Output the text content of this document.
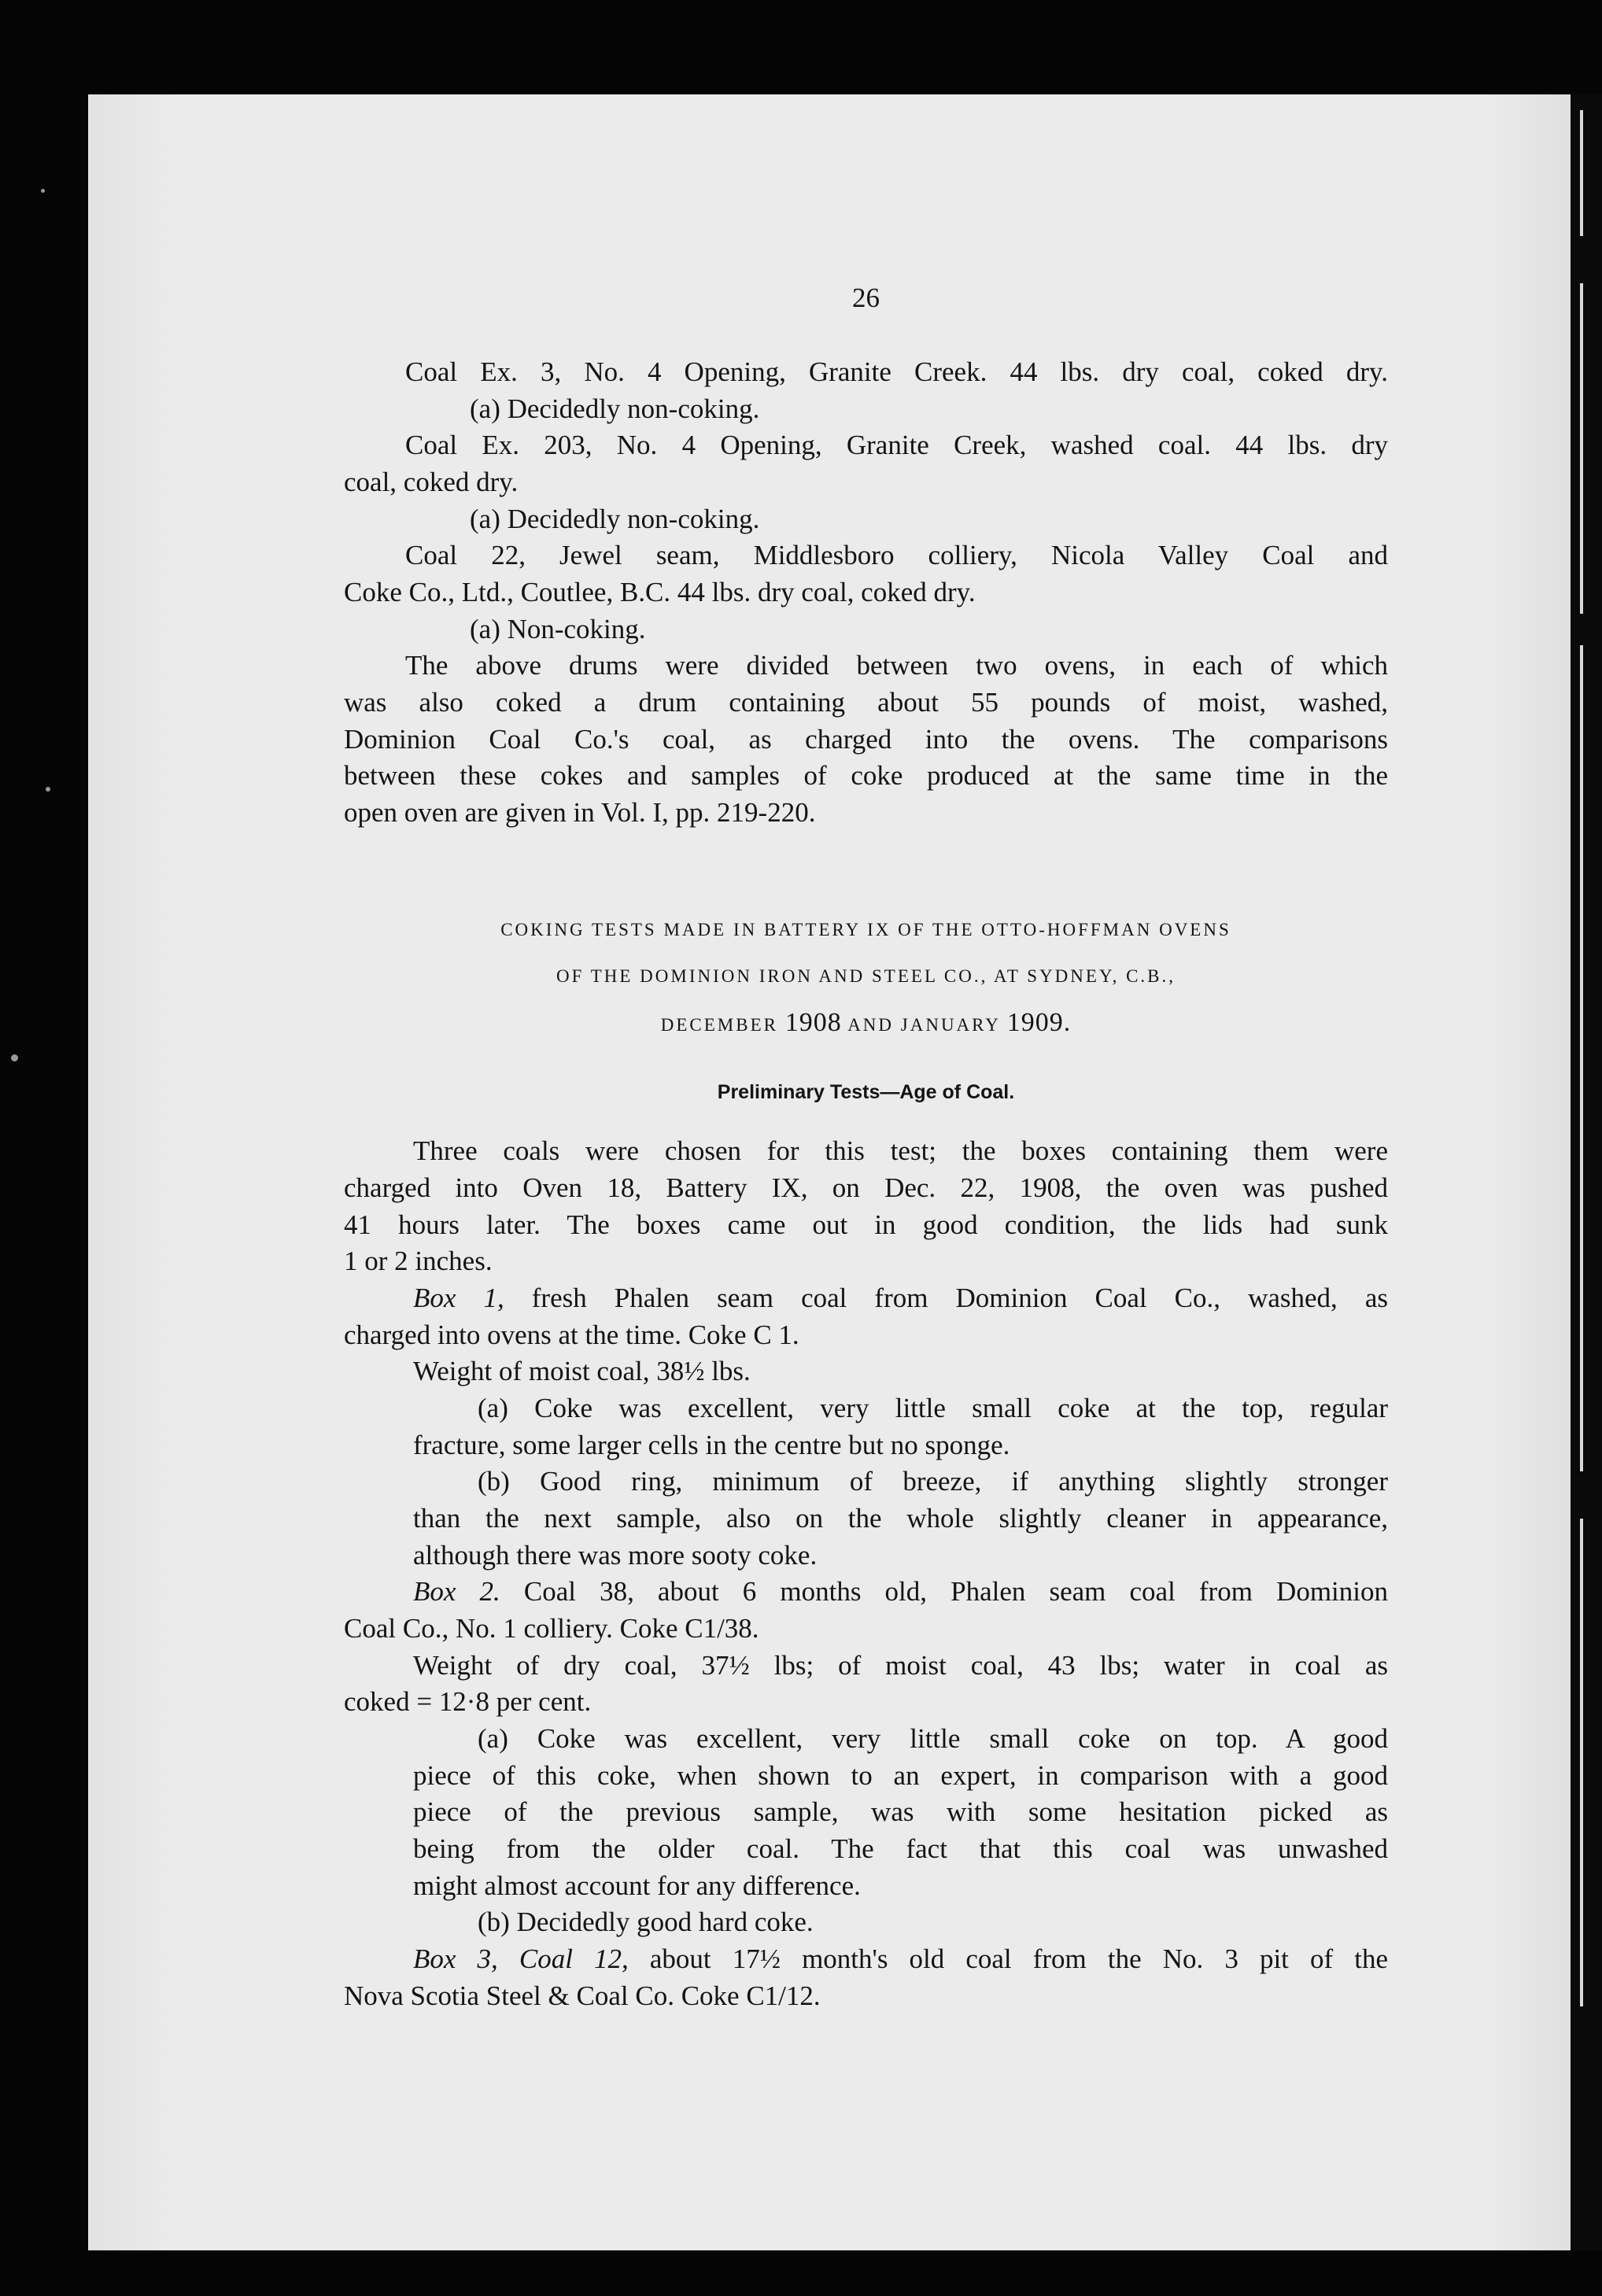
26
Coal Ex. 3, No. 4 Opening, Granite Creek. 44 lbs. dry coal, coked dry.
(a) Decidedly non-coking.
Coal Ex. 203, No. 4 Opening, Granite Creek, washed coal. 44 lbs. dry
coal, coked dry.
(a) Decidedly non-coking.
Coal 22, Jewel seam, Middlesboro colliery, Nicola Valley Coal and
Coke Co., Ltd., Coutlee, B.C. 44 lbs. dry coal, coked dry.
(a) Non-coking.
The above drums were divided between two ovens, in each of which
was also coked a drum containing about 55 pounds of moist, washed,
Dominion Coal Co.'s coal, as charged into the ovens. The comparisons
between these cokes and samples of coke produced at the same time in the
open oven are given in Vol. I, pp. 219-220.
COKING TESTS MADE IN BATTERY IX OF THE OTTO-HOFFMAN OVENS
OF THE DOMINION IRON AND STEEL CO., AT SYDNEY, C.B.,
DECEMBER 1908 AND JANUARY 1909.
Preliminary Tests—Age of Coal.
Three coals were chosen for this test; the boxes containing them were
charged into Oven 18, Battery IX, on Dec. 22, 1908, the oven was pushed
41 hours later. The boxes came out in good condition, the lids had sunk
1 or 2 inches.
Box 1, fresh Phalen seam coal from Dominion Coal Co., washed, as
charged into ovens at the time. Coke C 1.
Weight of moist coal, 38½ lbs.
(a) Coke was excellent, very little small coke at the top, regular
fracture, some larger cells in the centre but no sponge.
(b) Good ring, minimum of breeze, if anything slightly stronger
than the next sample, also on the whole slightly cleaner in appearance,
although there was more sooty coke.
Box 2. Coal 38, about 6 months old, Phalen seam coal from Dominion
Coal Co., No. 1 colliery. Coke C1/38.
Weight of dry coal, 37½ lbs; of moist coal, 43 lbs; water in coal as
coked = 12·8 per cent.
(a) Coke was excellent, very little small coke on top. A good
piece of this coke, when shown to an expert, in comparison with a good
piece of the previous sample, was with some hesitation picked as
being from the older coal. The fact that this coal was unwashed
might almost account for any difference.
(b) Decidedly good hard coke.
Box 3, Coal 12, about 17½ month's old coal from the No. 3 pit of the
Nova Scotia Steel & Coal Co. Coke C1/12.
